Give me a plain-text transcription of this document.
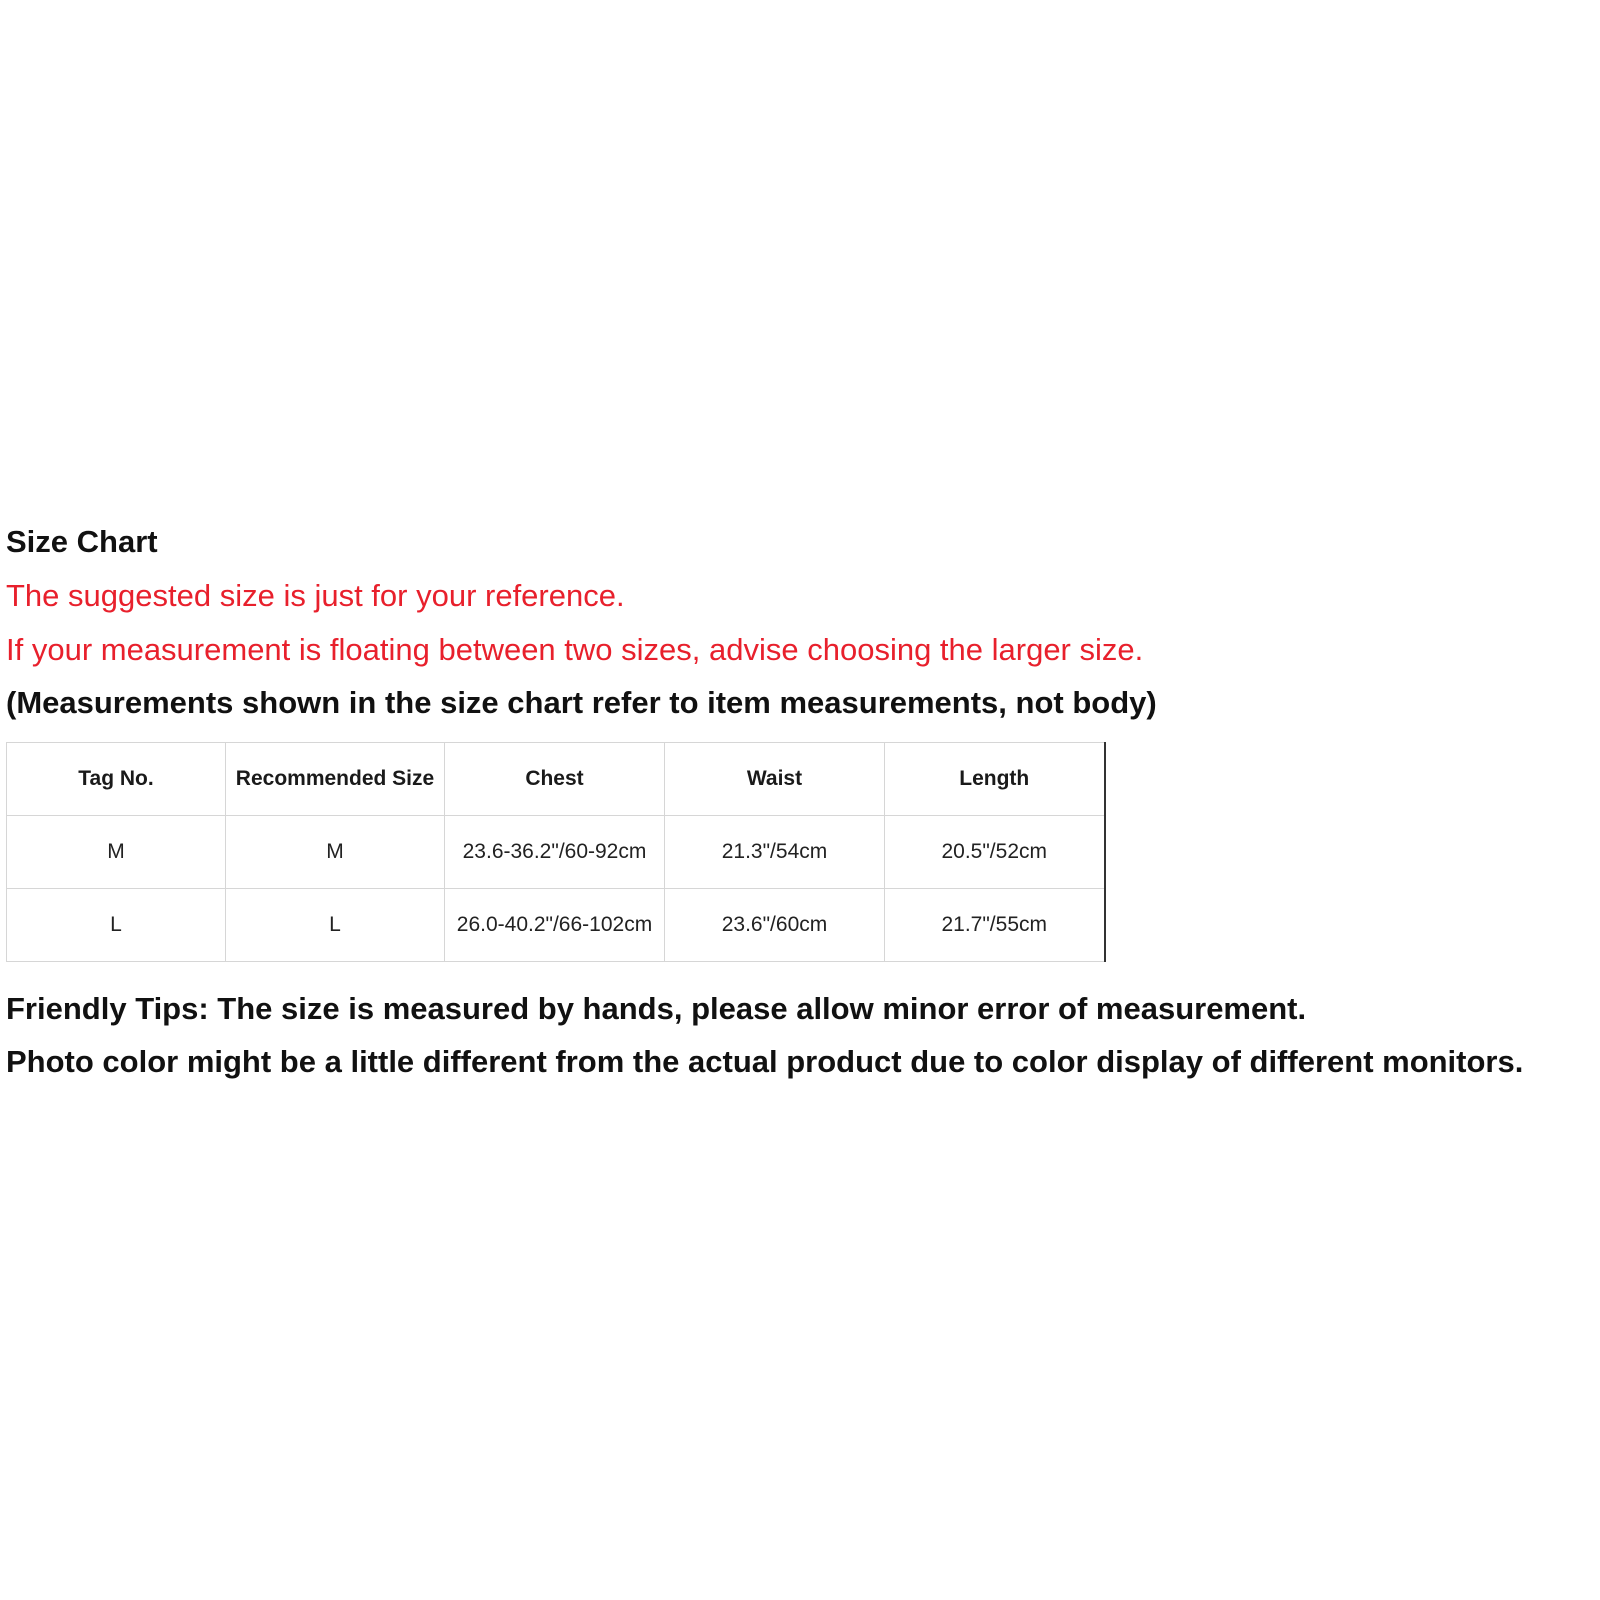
Size Chart

The suggested size is just for your reference.

If your measurement is floating between two sizes, advise choosing the larger size.

(Measurements shown in the size chart refer to item measurements, not body)

Tag No.	Recommended Size	Chest	Waist	Length
M	M	23.6-36.2"/60-92cm	21.3"/54cm	20.5"/52cm
L	L	26.0-40.2"/66-102cm	23.6"/60cm	21.7"/55cm

Friendly Tips: The size is measured by hands, please allow minor error of measurement.

Photo color might be a little different from the actual product due to color display of different monitors.
